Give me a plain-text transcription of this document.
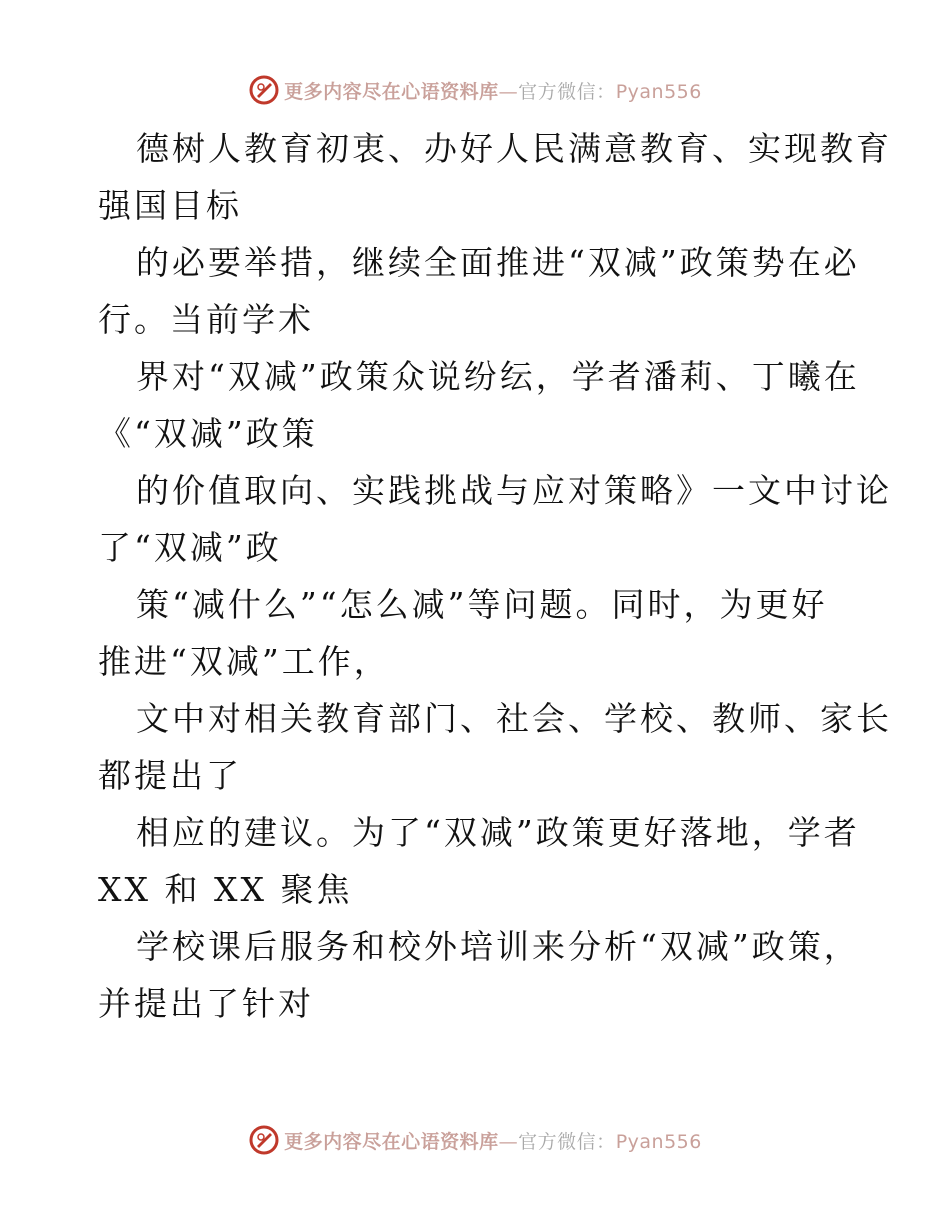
更多内容尽在心语资料库—官方微信：Pyan556

德树人教育初衷、办好人民满意教育、实现教育
强国目标

的必要举措，继续全面推进“双减”政策势在必
行。当前学术

界对“双减”政策众说纷纭，学者潘莉、丁曦在
《“双减”政策

的价值取向、实践挑战与应对策略》一文中讨论
了“双减”政

策“减什么”“怎么减”等问题。同时，为更好
推进“双减”工作，

文中对相关教育部门、社会、学校、教师、家长
都提出了

相应的建议。为了“双减”政策更好落地，学者
XX 和 XX 聚焦

学校课后服务和校外培训来分析“双减”政策，
并提出了针对

更多内容尽在心语资料库—官方微信：Pyan556
